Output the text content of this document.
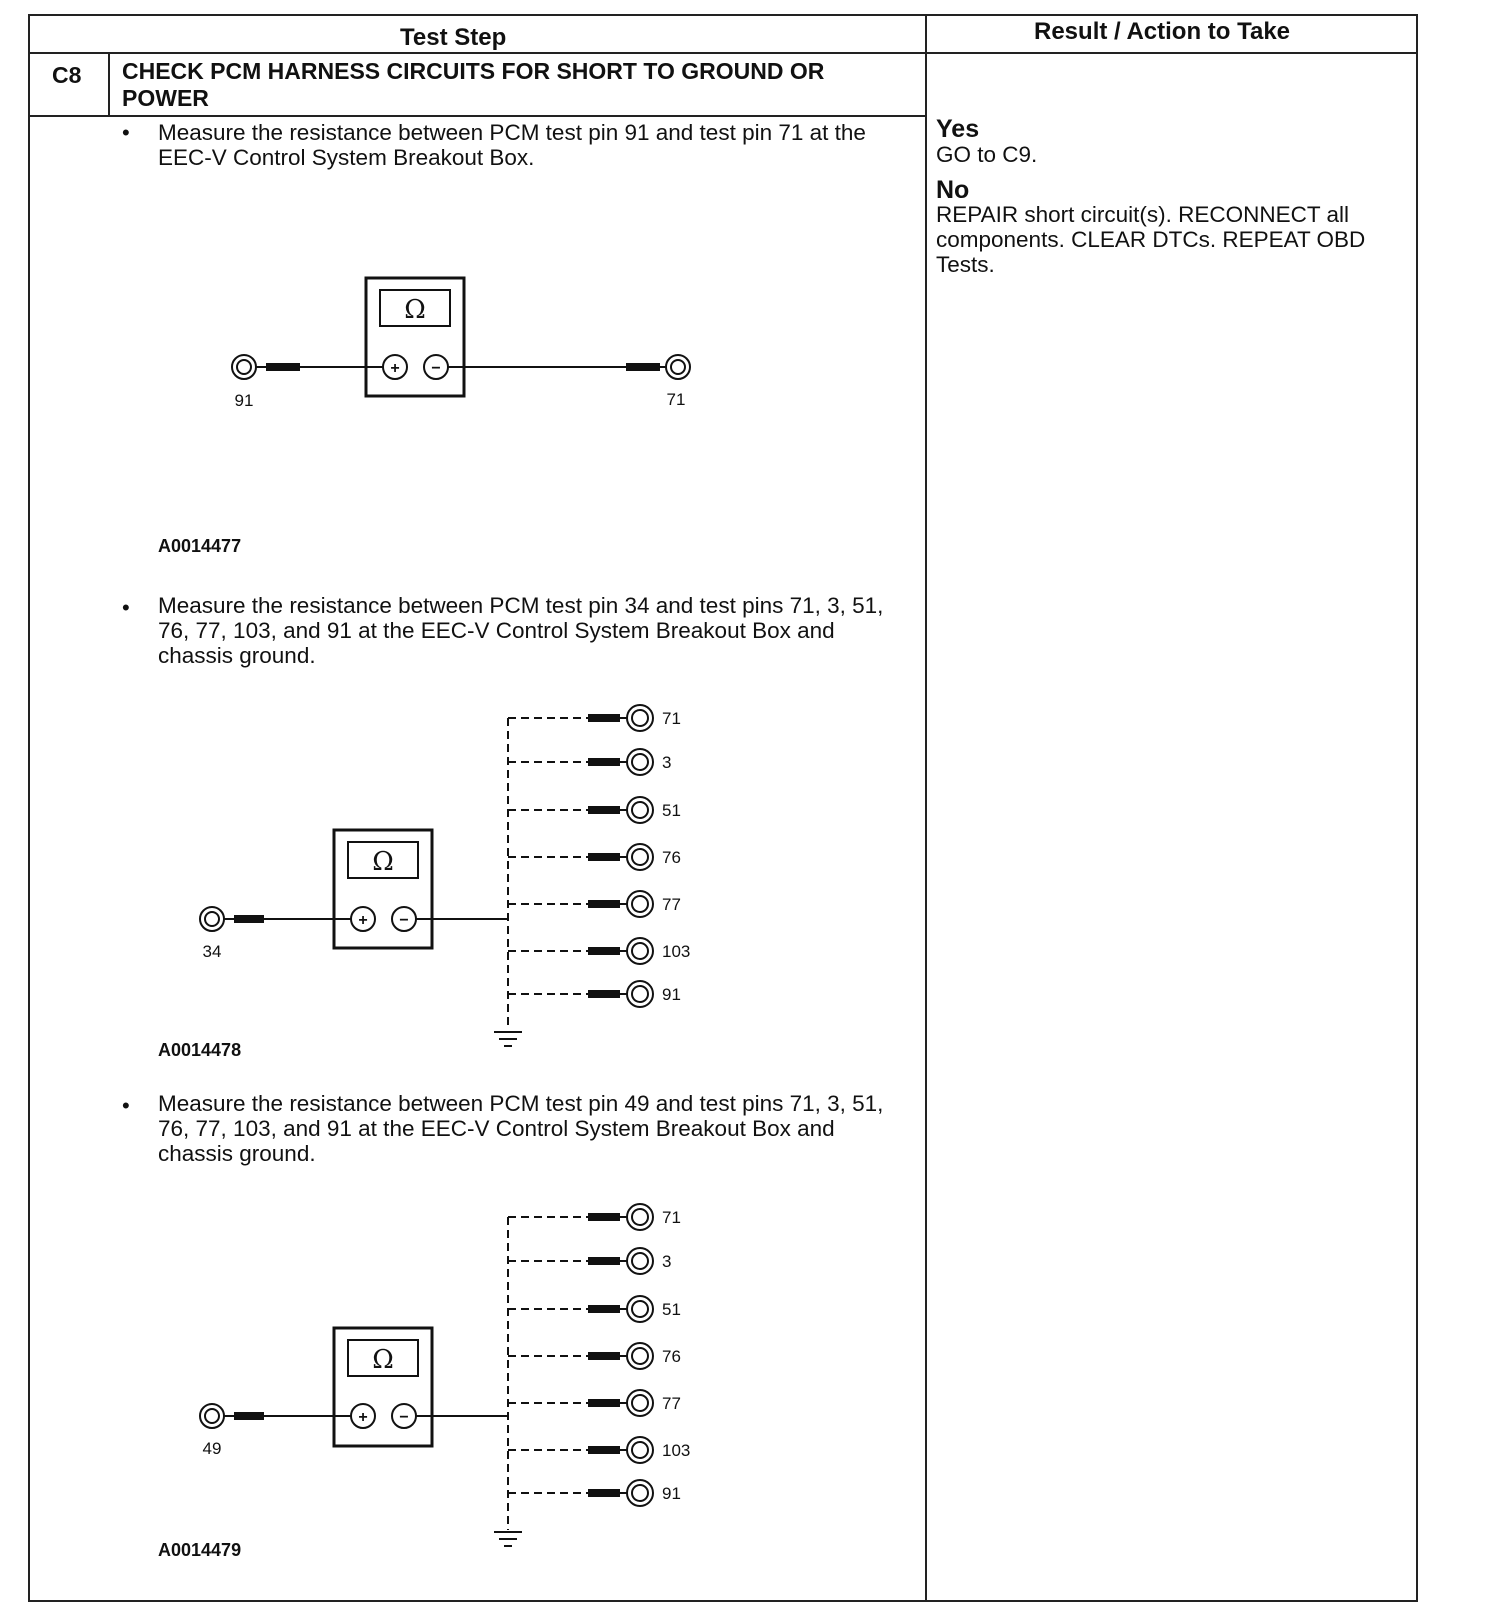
Test Step	Result / Action to Take
C8 CHECK PCM HARNESS CIRCUITS FOR SHORT TO GROUND OR POWER
• Measure the resistance between PCM test pin 91 and test pin 71 at the EEC-V Control System Breakout Box.
A0014477
• Measure the resistance between PCM test pin 34 and test pins 71, 3, 51, 76, 77, 103, and 91 at the EEC-V Control System Breakout Box and chassis ground.
A0014478
• Measure the resistance between PCM test pin 49 and test pins 71, 3, 51, 76, 77, 103, and 91 at the EEC-V Control System Breakout Box and chassis ground.
A0014479
Yes
GO to C9.
No
REPAIR short circuit(s). RECONNECT all components. CLEAR DTCs. REPEAT OBD Tests.
Ω
+ −
91	71
Ω
+ −
34
71
3
51
76
77
103
91
Ω
+ −
49
71
3
51
76
77
103
91
